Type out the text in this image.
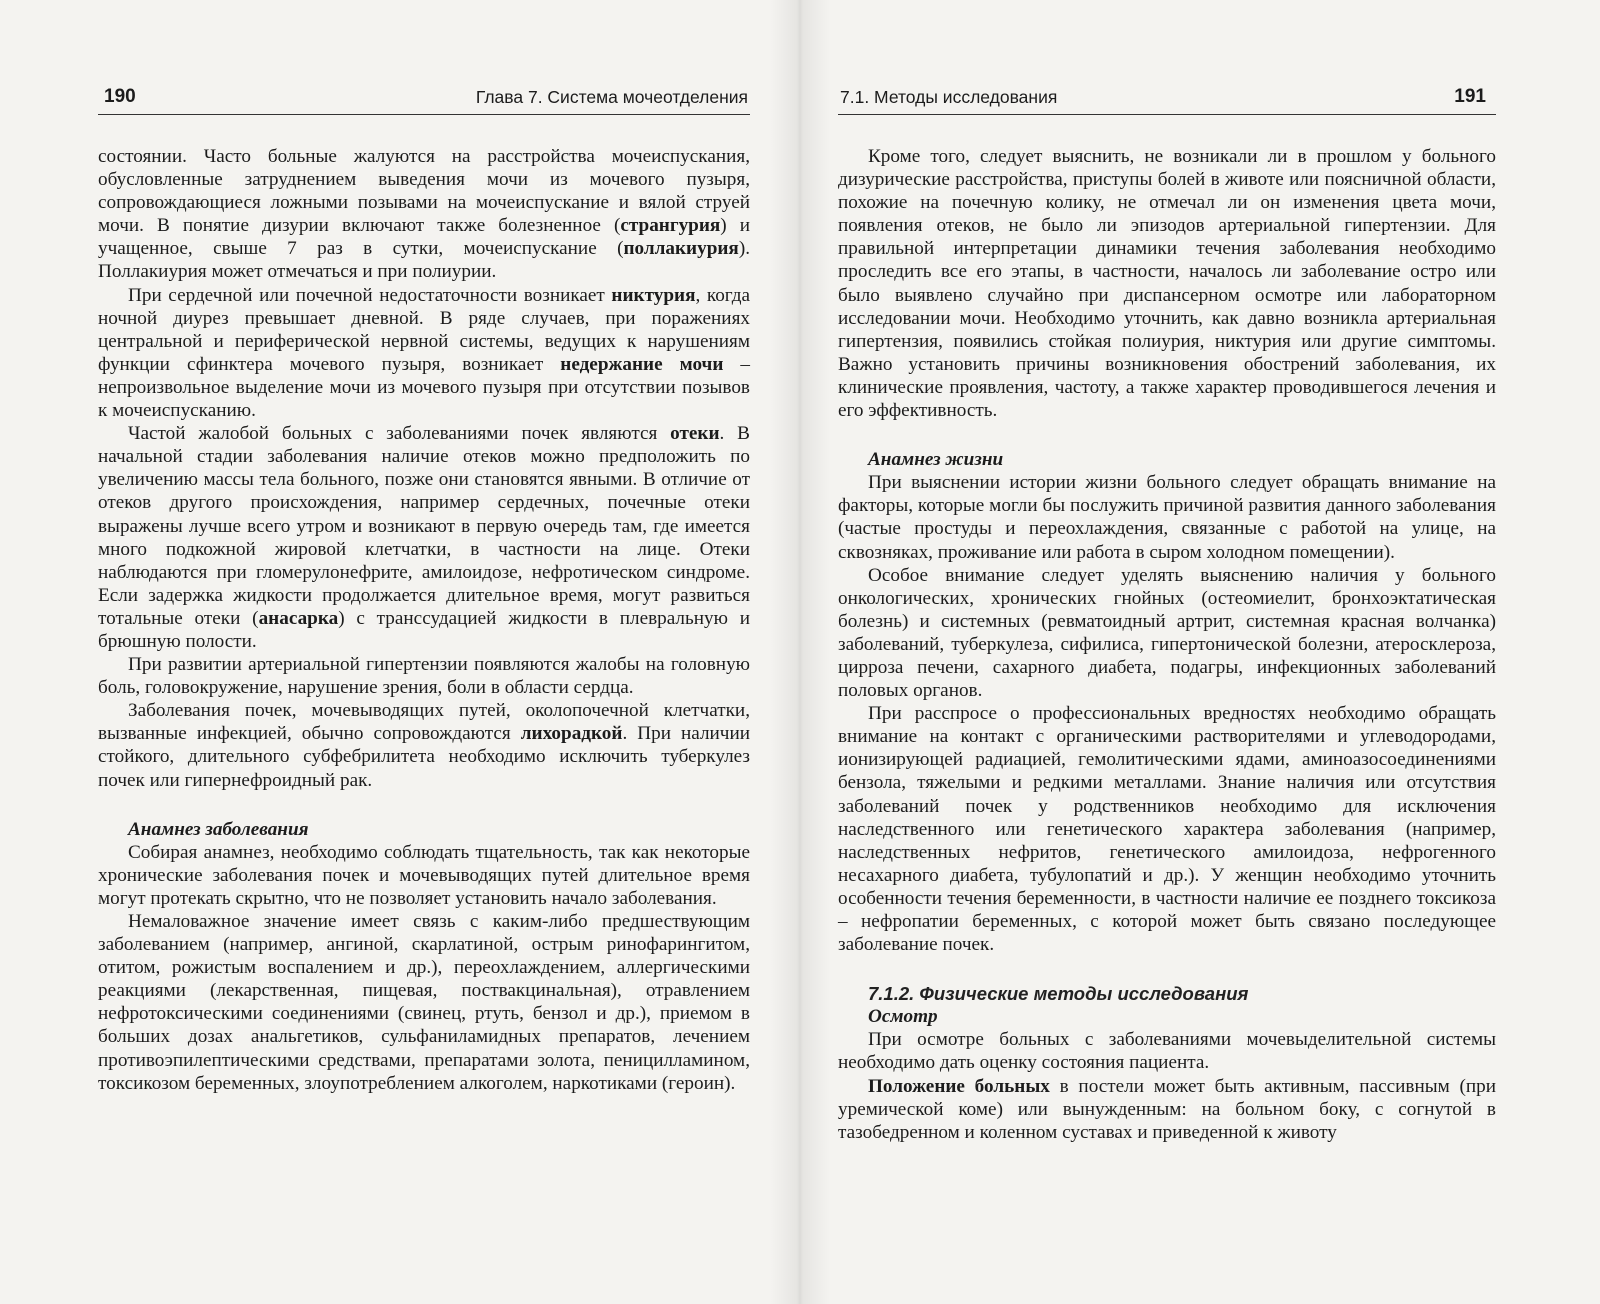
190	Глава 7. Система мочеотделения

состоянии. Часто больные жалуются на расстройства мочеиспускания, обусловленные затруднением выведения мочи из мочевого пузыря, сопровождающиеся ложными позывами на мочеиспускание и вялой струей мочи. В понятие дизурии включают также болезненное (странгурия) и учащенное, свыше 7 раз в сутки, мочеиспускание (поллакиурия). Поллакиурия может отмечаться и при полиурии.

При сердечной или почечной недостаточности возникает никтурия, когда ночной диурез превышает дневной. В ряде случаев, при поражениях центральной и периферической нервной системы, ведущих к нарушениям функции сфинктера мочевого пузыря, возникает недержание мочи – непроизвольное выделение мочи из мочевого пузыря при отсутствии позывов к мочеиспусканию.

Частой жалобой больных с заболеваниями почек являются отеки. В начальной стадии заболевания наличие отеков можно предположить по увеличению массы тела больного, позже они становятся явными. В отличие от отеков другого происхождения, например сердечных, почечные отеки выражены лучше всего утром и возникают в первую очередь там, где имеется много подкожной жировой клетчатки, в частности на лице. Отеки наблюдаются при гломерулонефрите, амилоидозе, нефротическом синдроме. Если задержка жидкости продолжается длительное время, могут развиться тотальные отеки (анасарка) с транссудацией жидкости в плевральную и брюшную полости.

При развитии артериальной гипертензии появляются жалобы на головную боль, головокружение, нарушение зрения, боли в области сердца.

Заболевания почек, мочевыводящих путей, околопочечной клетчатки, вызванные инфекцией, обычно сопровождаются лихорадкой. При наличии стойкого, длительного субфебрилитета необходимо исключить туберкулез почек или гипернефроидный рак.

Анамнез заболевания

Собирая анамнез, необходимо соблюдать тщательность, так как некоторые хронические заболевания почек и мочевыводящих путей длительное время могут протекать скрытно, что не позволяет установить начало заболевания.

Немаловажное значение имеет связь с каким-либо предшествующим заболеванием (например, ангиной, скарлатиной, острым ринофарингитом, отитом, рожистым воспалением и др.), переохлаждением, аллергическими реакциями (лекарственная, пищевая, поствакцинальная), отравлением нефротоксическими соединениями (свинец, ртуть, бензол и др.), приемом в больших дозах анальгетиков, сульфаниламидных препаратов, лечением противоэпилептическими средствами, препаратами золота, пеницилламином, токсикозом беременных, злоупотреблением алкоголем, наркотиками (героин).

7.1. Методы исследования	191

Кроме того, следует выяснить, не возникали ли в прошлом у больного дизурические расстройства, приступы болей в животе или поясничной области, похожие на почечную колику, не отмечал ли он изменения цвета мочи, появления отеков, не было ли эпизодов артериальной гипертензии. Для правильной интерпретации динамики течения заболевания необходимо проследить все его этапы, в частности, началось ли заболевание остро или было выявлено случайно при диспансерном осмотре или лабораторном исследовании мочи. Необходимо уточнить, как давно возникла артериальная гипертензия, появились стойкая полиурия, никтурия или другие симптомы. Важно установить причины возникновения обострений заболевания, их клинические проявления, частоту, а также характер проводившегося лечения и его эффективность.

Анамнез жизни

При выяснении истории жизни больного следует обращать внимание на факторы, которые могли бы послужить причиной развития данного заболевания (частые простуды и переохлаждения, связанные с работой на улице, на сквозняках, проживание или работа в сыром холодном помещении).

Особое внимание следует уделять выяснению наличия у больного онкологических, хронических гнойных (остеомиелит, бронхоэктатическая болезнь) и системных (ревматоидный артрит, системная красная волчанка) заболеваний, туберкулеза, сифилиса, гипертонической болезни, атеросклероза, цирроза печени, сахарного диабета, подагры, инфекционных заболеваний половых органов.

При расспросе о профессиональных вредностях необходимо обращать внимание на контакт с органическими растворителями и углеводородами, ионизирующей радиацией, гемолитическими ядами, аминоазосоединениями бензола, тяжелыми и редкими металлами. Знание наличия или отсутствия заболеваний почек у родственников необходимо для исключения наследственного или генетического характера заболевания (например, наследственных нефритов, генетического амилоидоза, нефрогенного несахарного диабета, тубулопатий и др.). У женщин необходимо уточнить особенности течения беременности, в частности наличие ее позднего токсикоза – нефропатии беременных, с которой может быть связано последующее заболевание почек.

7.1.2. Физические методы исследования
Осмотр

При осмотре больных с заболеваниями мочевыделительной системы необходимо дать оценку состояния пациента.

Положение больных в постели может быть активным, пассивным (при уремической коме) или вынужденным: на больном боку, с согнутой в тазобедренном и коленном суставах и приведенной к животу
